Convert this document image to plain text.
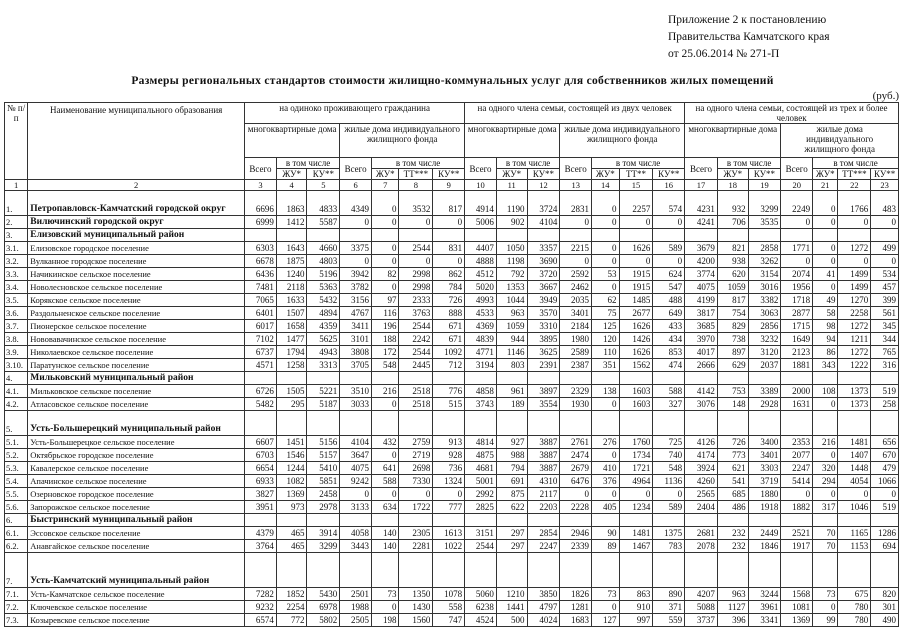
Приложение 2 к постановлению
Правительства Камчатского края
от 25.06.2014 № 271-П
Размеры региональных стандартов стоимости жилищно-коммунальных услуг для собственников жилых помещений
(руб.)
№ п/п	Наименование муниципального образования	на одиноко проживающего гражданина							на одного члена семьи, состоящей из двух человек							на одного члена семьи, состоящей из трех и более человек						
		многоквартирные дома			жилые дома индивидуального жилищного фонда				многоквартирные дома			жилые дома индивидуального жилищного фонда				многоквартирные дома			жилые дома индивидуального жилищного фонда			
		Всего	в том числе		Всего	в том числе			Всего	в том числе		Всего	в том числе			Всего	в том числе		Всего	в том числе		
			ЖУ*	КУ**		ЖУ*	ТТ***	КУ**		ЖУ*	КУ**		ЖУ*	ТТ**	КУ**		ЖУ*	КУ**		ЖУ*	ТТ***	КУ**
1	2	3	4	5	6	7	8	9	10	11	12	13	14	15	16	17	18	19	20	21	22	23
1.	Петропавловск-Камчатский городской округ	6696	1863	4833	4349	0	3532	817	4914	1190	3724	2831	0	2257	574	4231	932	3299	2249	0	1766	483
2.	Вилючинский городской округ	6999	1412	5587	0	0	0	0	5006	902	4104	0	0	0	0	4241	706	3535	0	0	0	0
3.	Елизовский муниципальный район																					
3.1.	Елизовское городское поселение	6303	1643	4660	3375	0	2544	831	4407	1050	3357	2215	0	1626	589	3679	821	2858	1771	0	1272	499
3.2.	Вулканное городское поселение	6678	1875	4803	0	0	0	0	4888	1198	3690	0	0	0	0	4200	938	3262	0	0	0	0
3.3.	Начикинское сельское поселение	6436	1240	5196	3942	82	2998	862	4512	792	3720	2592	53	1915	624	3774	620	3154	2074	41	1499	534
3.4.	Новолесновское сельское поселение	7481	2118	5363	3782	0	2998	784	5020	1353	3667	2462	0	1915	547	4075	1059	3016	1956	0	1499	457
3.5.	Корякское сельское поселение	7065	1633	5432	3156	97	2333	726	4993	1044	3949	2035	62	1485	488	4199	817	3382	1718	49	1270	399
3.6.	Раздольненское сельское поселение	6401	1507	4894	4767	116	3763	888	4533	963	3570	3401	75	2677	649	3817	754	3063	2877	58	2258	561
3.7.	Пионерское сельское поселение	6017	1658	4359	3411	196	2544	671	4369	1059	3310	2184	125	1626	433	3685	829	2856	1715	98	1272	345
3.8.	Нововавачинское сельское поселение	7102	1477	5625	3101	188	2242	671	4839	944	3895	1980	120	1426	434	3970	738	3232	1649	94	1211	344
3.9.	Николаевское сельское поселение	6737	1794	4943	3808	172	2544	1092	4771	1146	3625	2589	110	1626	853	4017	897	3120	2123	86	1272	765
3.10.	Паратунское сельское поселение	4571	1258	3313	3705	548	2445	712	3194	803	2391	2387	351	1562	474	2666	629	2037	1881	343	1222	316
4.	Мильковский муниципальный район																					
4.1.	Мильковское сельское поселение	6726	1505	5221	3510	216	2518	776	4858	961	3897	2329	138	1603	588	4142	753	3389	2000	108	1373	519
4.2.	Атласовское сельское поселение	5482	295	5187	3033	0	2518	515	3743	189	3554	1930	0	1603	327	3076	148	2928	1631	0	1373	258
5.	Усть-Большерецкий муниципальный район																					
5.1.	Усть-Большерецкое сельское поселение	6607	1451	5156	4104	432	2759	913	4814	927	3887	2761	276	1760	725	4126	726	3400	2353	216	1481	656
5.2.	Октябрьское городское поселение	6703	1546	5157	3647	0	2719	928	4875	988	3887	2474	0	1734	740	4174	773	3401	2077	0	1407	670
5.3.	Кавалерское сельское поселение	6654	1244	5410	4075	641	2698	736	4681	794	3887	2679	410	1721	548	3924	621	3303	2247	320	1448	479
5.4.	Апачинское сельское поселение	6933	1082	5851	9242	588	7330	1324	5001	691	4310	6476	376	4964	1136	4260	541	3719	5414	294	4054	1066
5.5.	Озерновское городское поселение	3827	1369	2458	0	0	0	0	2992	875	2117	0	0	0	0	2565	685	1880	0	0	0	0
5.6.	Запорожское сельское поселение	3951	973	2978	3133	634	1722	777	2825	622	2203	2228	405	1234	589	2404	486	1918	1882	317	1046	519
6.	Быстринский муниципальный район																					
6.1.	Эссовское сельское поселение	4379	465	3914	4058	140	2305	1613	3151	297	2854	2946	90	1481	1375	2681	232	2449	2521	70	1165	1286
6.2.	Анавгайское сельское поселение	3764	465	3299	3443	140	2281	1022	2544	297	2247	2339	89	1467	783	2078	232	1846	1917	70	1153	694
7.	Усть-Камчатский муниципальный район																					
7.1.	Усть-Камчатское сельское поселение	7282	1852	5430	2501	73	1350	1078	5060	1210	3850	1826	73	863	890	4207	963	3244	1568	73	675	820
7.2.	Ключевское сельское поселение	9232	2254	6978	1988	0	1430	558	6238	1441	4797	1281	0	910	371	5088	1127	3961	1081	0	780	301
7.3.	Козыревское сельское поселение	6574	772	5802	2505	198	1560	747	4524	500	4024	1683	127	997	559	3737	396	3341	1369	99	780	490
